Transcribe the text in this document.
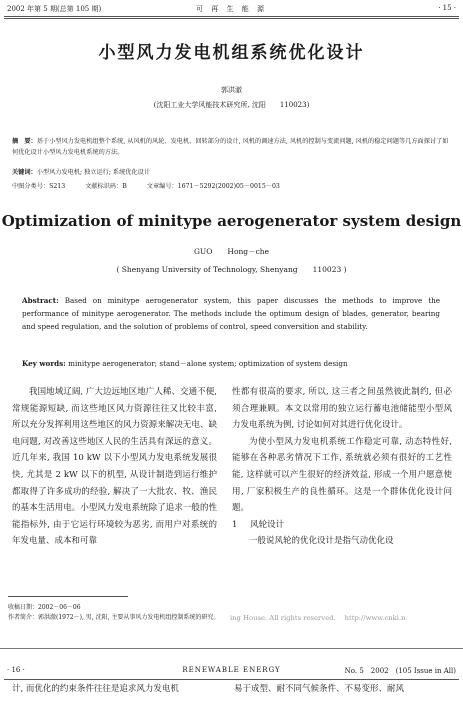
2002 年第 5 期(总第 105 期)	可 再 生 能 源	· 15 ·
小型风力发电机组系统优化设计
郭洪澈
(沈阳工业大学风能技术研究所, 沈阳　　110023)
摘　要：基于小型风力发电机组整个系统, 从风机的风轮、发电机、回转部分的设计, 风机的调速方法, 风机的控制与变流问题, 风机的稳定问题等几方面探讨了如何优化设计小型风力发电机系统的方法。
关键词：小型风力发电机; 独立运行; 系统优化设计
中图分类号：S213	文献标识码：B	文章编号：1671－5292(2002)05－0015－03
Optimization of minitype aerogenerator system design
GUO　　Hong－che
( Shenyang University of Technology, Shenyang　　110023 )
Abstract: Based on minitype aerogenerator system, this paper discusses the methods to improve the performance of minitype aerogenerator. The methods include the optimum design of blades, generator, bearing and speed regulation, and the solution of problems of control, speed conversition and stability.
Key words: minitype aerogenerator; stand－alone system; optimization of system design

我国地域辽阔, 广大边远地区地广人稀、交通不便, 常规能源短缺, 而这些地区风力资源往往又比较丰富, 所以充分发挥利用这些地区的风力资源来解决无电、缺电问题, 对改善这些地区人民的生活具有深远的意义。近几年来, 我国 10 kW 以下小型风力发电系统发展很快, 尤其是 2 kW 以下的机型, 从设计制造到运行维护都取得了许多成功的经验, 解决了一大批农、牧、渔民的基本生活用电。小型风力发电系统除了追求一般的性能指标外, 由于它运行环境较为恶劣, 而用户对系统的年发电量、成本和可靠

性都有很高的要求, 所以, 这三者之间虽然彼此制约, 但必须合理兼顾。本文以常用的独立运行蓄电池储能型小型风力发电系统为例, 讨论如何对其进行优化设计。

为使小型风力发电机系统工作稳定可靠, 动态特性好, 能够在各种恶劣情况下工作, 系统就必须有很好的工艺性能, 这样就可以产生很好的经济效益, 形成一个用户愿意使用, 厂家积极生产的良性循环。这是一个群体优化设计问题。

1 风轮设计

一般说风轮的优化设计是指气动优化设

收稿日期：2002－06－06
作者简介：郭洪澈(1972－), 男, 沈阳, 主要从事风力发电机组控制系统的研究。	ing House. All rights reserved.　 http://www.cnki.n
· 16 ·	RENEWABLE ENERGY	No. 5　2002　(105 Issue in All)
计, 而优化的约束条件往往是追求风力发电机	易于成型、耐不同气候条件、不易变形、耐风
